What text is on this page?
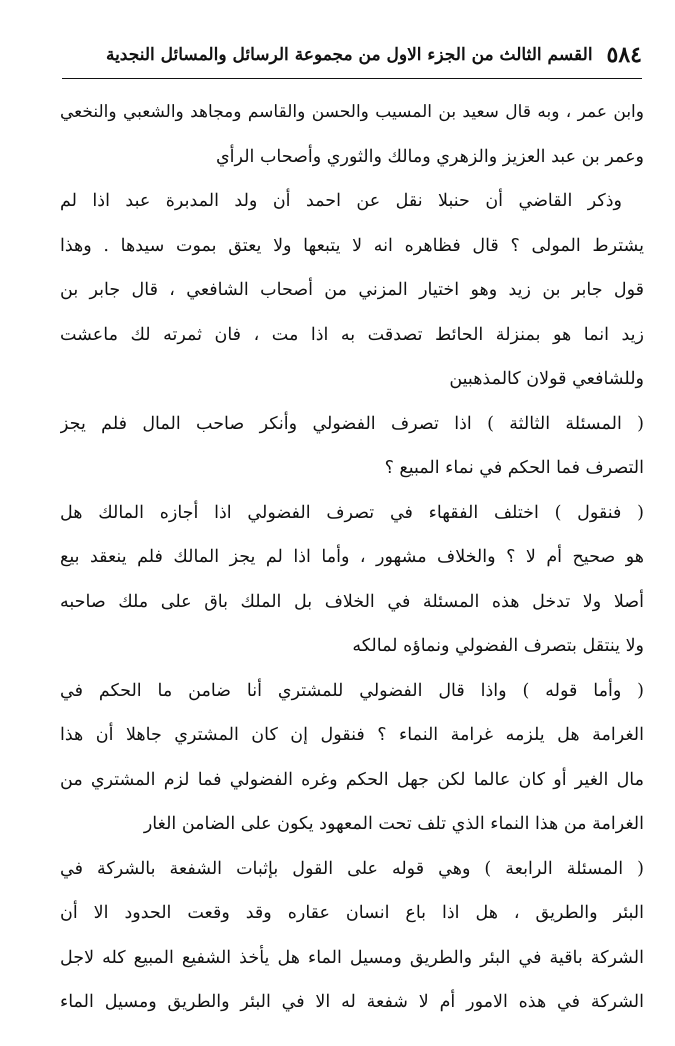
٥٨٤
القسم الثالث من الجزء الاول من مجموعة الرسائل والمسائل النجدية
وابن عمر ، وبه قال سعيد بن المسيب والحسن والقاسم ومجاهد والشعبي والنخعي
وعمر بن عبد العزيز والزهري ومالك والثوري وأصحاب الرأي
وذكر القاضي أن حنبلا نقل عن احمد أن ولد المدبرة عبد اذا لم
يشترط المولى ؟ قال فظاهره انه لا يتبعها ولا يعتق بموت سيدها . وهذا
قول جابر بن زيد وهو اختيار المزني من أصحاب الشافعي ، قال جابر بن
زيد انما هو بمنزلة الحائط تصدقت به اذا مت ، فان ثمرته لك ماعشت
وللشافعي قولان كالمذهبين
( المسئلة الثالثة ) اذا تصرف الفضولي وأنكر صاحب المال فلم يجز
التصرف فما الحكم في نماء المبيع ؟
( فنقول ) اختلف الفقهاء في تصرف الفضولي اذا أجازه المالك هل
هو صحيح أم لا ؟ والخلاف مشهور ، وأما اذا لم يجز المالك فلم ينعقد بيع
أصلا ولا تدخل هذه المسئلة في الخلاف بل الملك باق على ملك صاحبه
ولا ينتقل بتصرف الفضولي ونماؤه لمالكه
( وأما قوله ) واذا قال الفضولي للمشتري أنا ضامن ما الحكم في
الغرامة هل يلزمه غرامة النماء ؟ فنقول إن كان المشتري جاهلا أن هذا
مال الغير أو كان عالما لكن جهل الحكم وغره الفضولي فما لزم المشتري من
الغرامة من هذا النماء الذي تلف تحت المعهود يكون على الضامن الغار
( المسئلة الرابعة ) وهي قوله على القول بإثبات الشفعة بالشركة في
البئر والطريق ، هل اذا باع انسان عقاره وقد وقعت الحدود الا أن
الشركة باقية في البئر والطريق ومسيل الماء هل يأخذ الشفيع المبيع كله لاجل
الشركة في هذه الامور أم لا شفعة له الا في البئر والطريق ومسيل الماء
